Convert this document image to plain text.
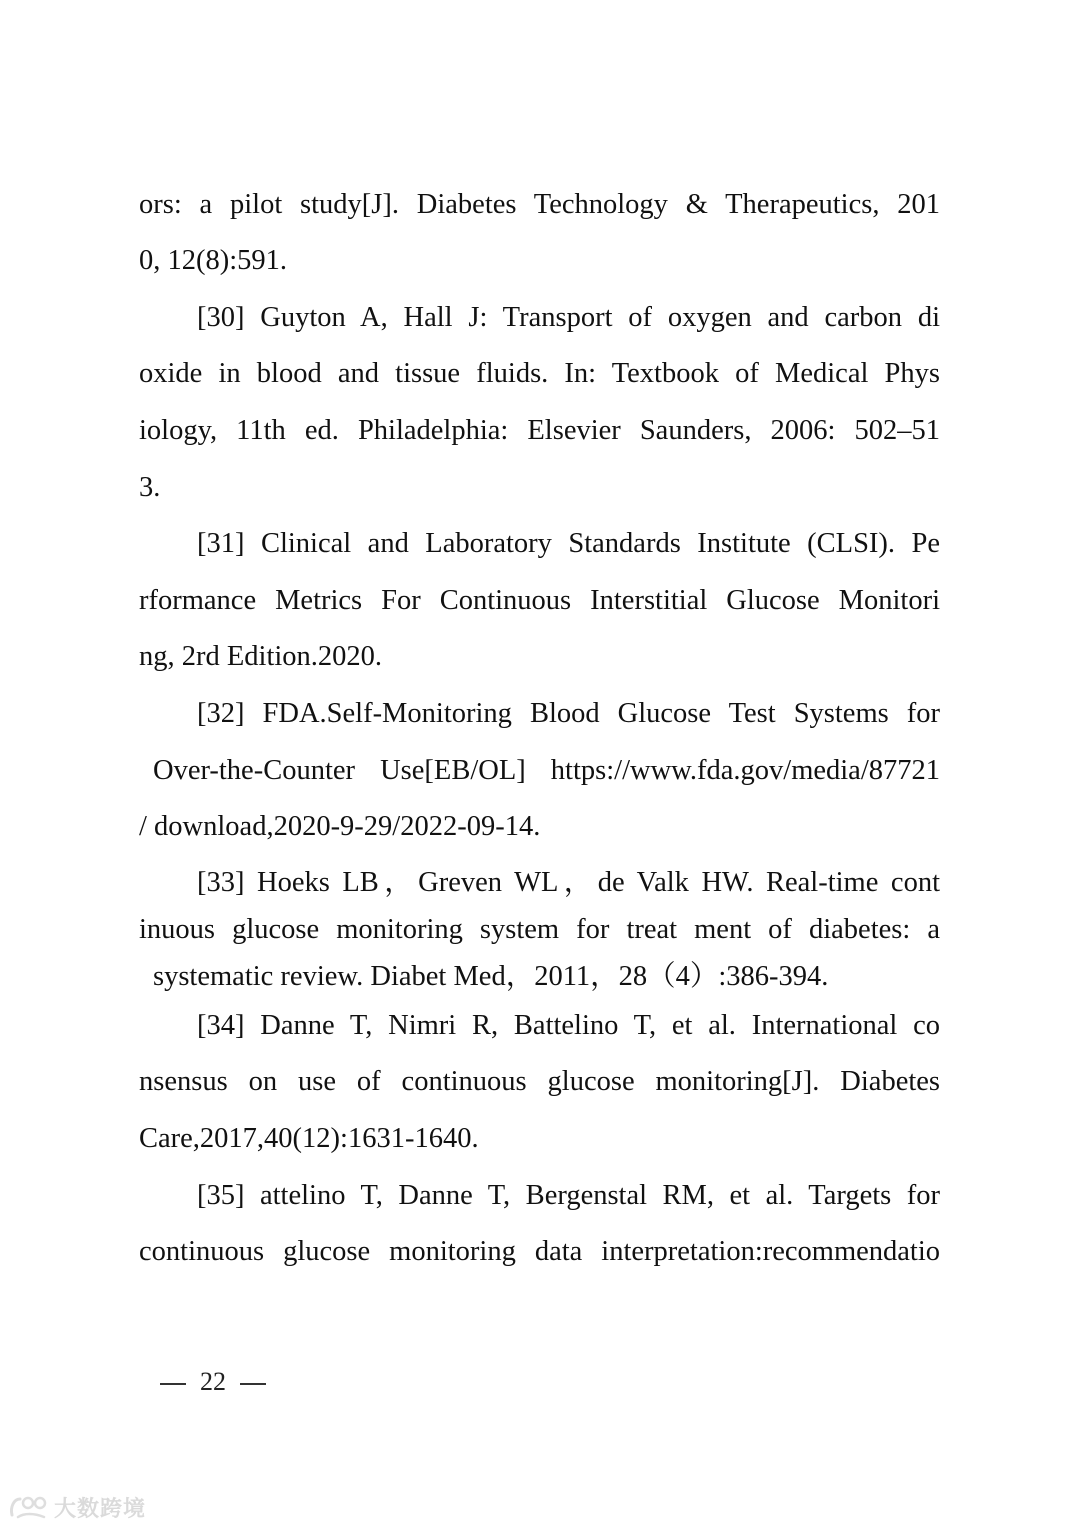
ors: a pilot study[J]. Diabetes Technology & Therapeutics, 201
0, 12(8):591.
[30] Guyton A, Hall J: Transport of oxygen and carbon di
oxide in blood and tissue fluids. In: Textbook of Medical Phys
iology, 11th ed. Philadelphia: Elsevier Saunders, 2006: 502–51
3.
[31] Clinical and Laboratory Standards Institute (CLSI). Pe
rformance Metrics For Continuous Interstitial Glucose Monitori
ng, 2rd Edition.2020.
[32] FDA.Self-Monitoring Blood Glucose Test Systems for
Over-the-Counter Use[EB/OL] https://www.fda.gov/media/87721
/ download,2020-9-29/2022-09-14.
[33] Hoeks LB，Greven WL，de Valk HW. Real-time cont
inuous glucose monitoring system for treat ment of diabetes: a
systematic review. Diabet Med，2011，28（4）:386-394.
[34] Danne T, Nimri R, Battelino T, et al. International co
nsensus on use of continuous glucose monitoring[J]. Diabetes
Care,2017,40(12):1631‑1640.
[35] attelino T, Danne T, Bergenstal RM, et al. Targets for
continuous glucose monitoring data interpretation:recommendatio
22
大数跨境
